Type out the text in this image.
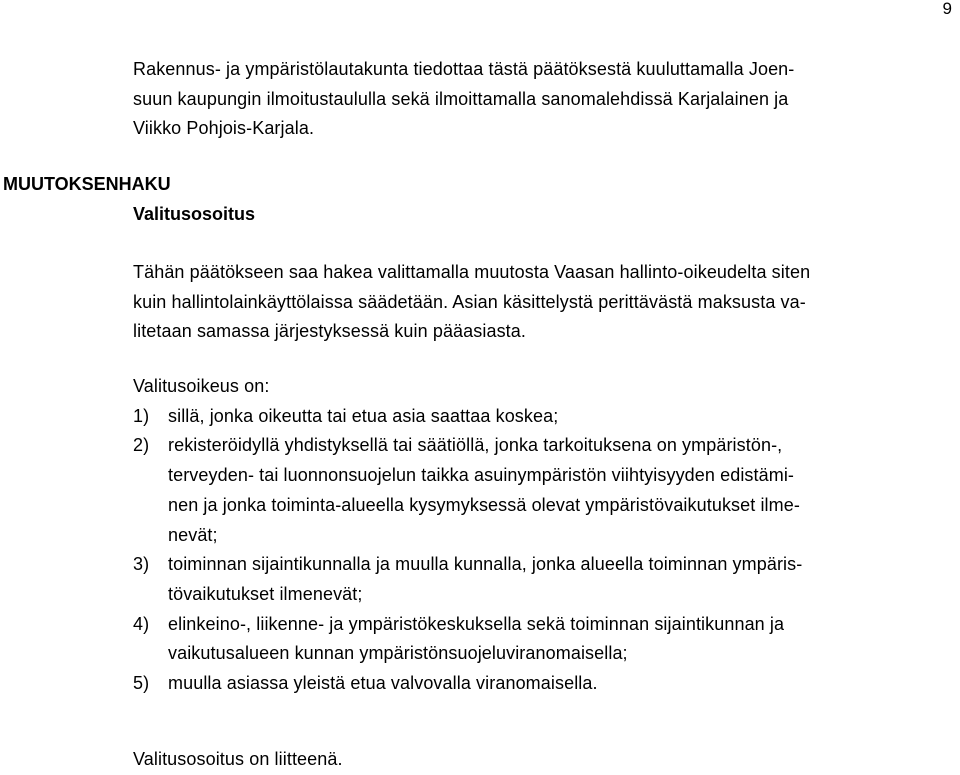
9
Rakennus- ja ympäristölautakunta tiedottaa tästä päätöksestä kuuluttamalla Joen-
suun kaupungin ilmoitustaululla sekä ilmoittamalla sanomalehdissä Karjalainen ja
Viikko Pohjois-Karjala.
MUUTOKSENHAKU
Valitusosoitus
Tähän päätökseen saa hakea valittamalla muutosta Vaasan hallinto-oikeudelta siten
kuin hallintolainkäyttölaissa säädetään. Asian käsittelystä perittävästä maksusta va-
litetaan samassa järjestyksessä kuin pääasiasta.
Valitusoikeus on:
1)	sillä, jonka oikeutta tai etua asia saattaa koskea;
2)	rekisteröidyllä yhdistyksellä tai säätiöllä, jonka tarkoituksena on ympäristön-,
terveyden- tai luonnonsuojelun taikka asuinympäristön viihtyisyyden edistämi-
nen ja jonka toiminta-alueella kysymyksessä olevat ympäristövaikutukset ilme-
nevät;
3)	toiminnan sijaintikunnalla ja muulla kunnalla, jonka alueella toiminnan ympäris-
tövaikutukset ilmenevät;
4)	elinkeino-, liikenne- ja ympäristökeskuksella sekä toiminnan sijaintikunnan ja
vaikutusalueen kunnan ympäristönsuojeluviranomaisella;
5)	muulla asiassa yleistä etua valvovalla viranomaisella.
Valitusosoitus on liitteenä.
